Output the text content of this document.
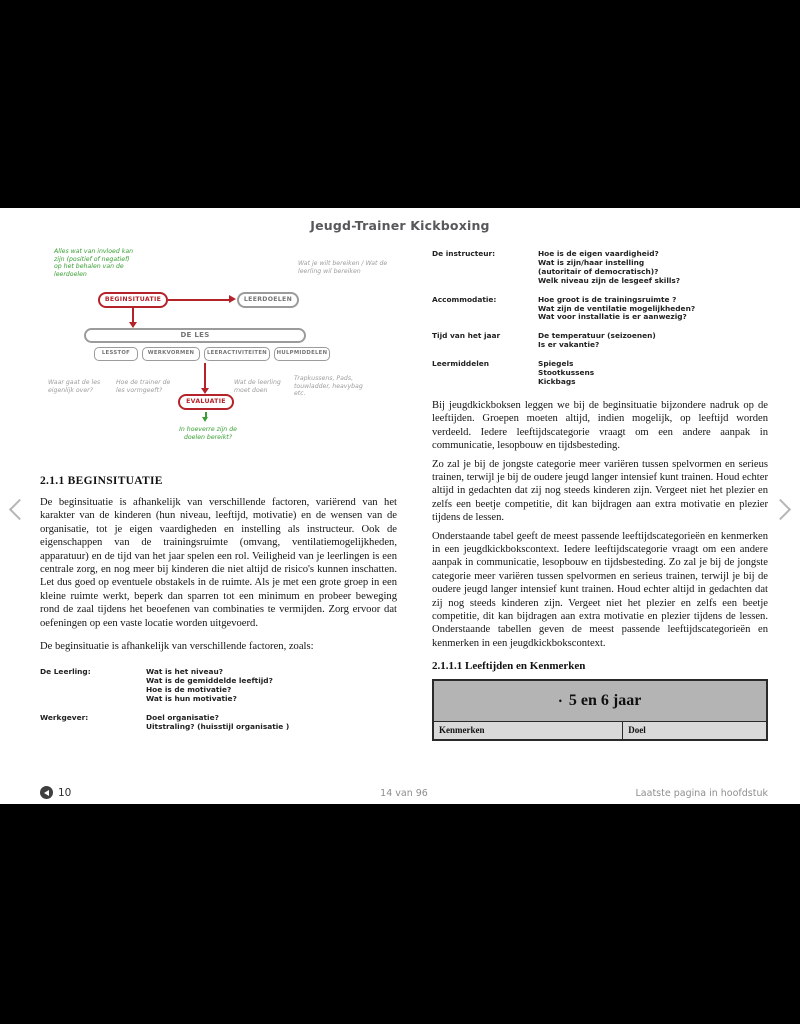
Jeugd-Trainer Kickboxing
Alles wat van invloed kan zijn (positief of negatief) op het behalen van de leerdoelen
Wat je wilt bereiken / Wat de leerling wil bereiken
BEGINSITUATIE	LEERDOELEN
DE LES
LESSTOF	WERKVORMEN	LEERACTIVITEITEN	HULPMIDDELEN
Waar gaat de les eigenlijk over?
Hoe de trainer de les vormgeeft?
Wat de leerling moet doen
Trapkussens, Pads, touwladder, heavybag etc.
EVALUATIE
In hoeverre zijn de doelen bereikt?
2.1.1 BEGINSITUATIE

De beginsituatie is afhankelijk van verschillende factoren, variërend van het karakter van de kinderen (hun niveau, leeftijd, motivatie) en de wensen van de organisatie, tot je eigen vaardigheden en instelling als instructeur. Ook de eigenschappen van de trainingsruimte (omvang, ventilatiemogelijkheden, apparatuur) en de tijd van het jaar spelen een rol. Veiligheid van je leerlingen is een centrale zorg, en nog meer bij kinderen die niet altijd de risico's kunnen inschatten. Let dus goed op eventuele obstakels in de ruimte. Als je met een grote groep in een kleine ruimte werkt, beperk dan sparren tot een minimum en probeer beweging rond de zaal tijdens het beoefenen van combinaties te vermijden. Zorg ervoor dat oefeningen op een vaste locatie worden uitgevoerd.

De beginsituatie is afhankelijk van verschillende factoren, zoals:

De Leerling:	Wat is het niveau?
Wat is de gemiddelde leeftijd?
Hoe is de motivatie?
Wat is hun motivatie?
Werkgever:	Doel organisatie?
Uitstraling? (huisstijl organisatie )
De instructeur:	Hoe is de eigen vaardigheid?
Wat is zijn/haar instelling
(autoritair of democratisch)?
Welk niveau zijn de lesgeef skills?
Accommodatie:	Hoe groot is de trainingsruimte ?
Wat zijn de ventilatie mogelijkheden?
Wat voor installatie is er aanwezig?
Tijd van het jaar	De temperatuur (seizoenen)
Is er vakantie?
Leermiddelen	Spiegels
Stootkussens
Kickbags

Bij jeugdkickboksen leggen we bij de beginsituatie bijzondere nadruk op de leeftijden. Groepen moeten altijd, indien mogelijk, op leeftijd worden verdeeld. Iedere leeftijdscategorie vraagt om een andere aanpak in communicatie, lesopbouw en tijdsbesteding.

Zo zal je bij de jongste categorie meer variëren tussen spelvormen en serieus trainen, terwijl je bij de oudere jeugd langer intensief kunt trainen. Houd echter altijd in gedachten dat zij nog steeds kinderen zijn. Vergeet niet het plezier en zelfs een beetje competitie, dit kan bijdragen aan extra motivatie en plezier tijdens de lessen.

Onderstaande tabel geeft de meest passende leeftijdscategorieën en kenmerken in een jeugdkickbokscontext. Iedere leeftijdscategorie vraagt om een andere aanpak in communicatie, lesopbouw en tijdsbesteding. Zo zal je bij de jongste categorie meer variëren tussen spelvormen en serieus trainen, terwijl je bij de oudere jeugd langer intensief kunt trainen. Houd echter altijd in gedachten dat zij nog steeds kinderen zijn. Vergeet niet het plezier en zelfs een beetje competitie, dit kan bijdragen aan extra motivatie en plezier tijdens de lessen. Onderstaande tabellen geven de meest passende leeftijdscategorieën en kenmerken in een jeugdkickbokscontext.

2.1.1.1 Leeftijden en Kenmerken
• 5 en 6 jaar
Kenmerken	Doel
10	14 van 96	Laatste pagina in hoofdstuk
